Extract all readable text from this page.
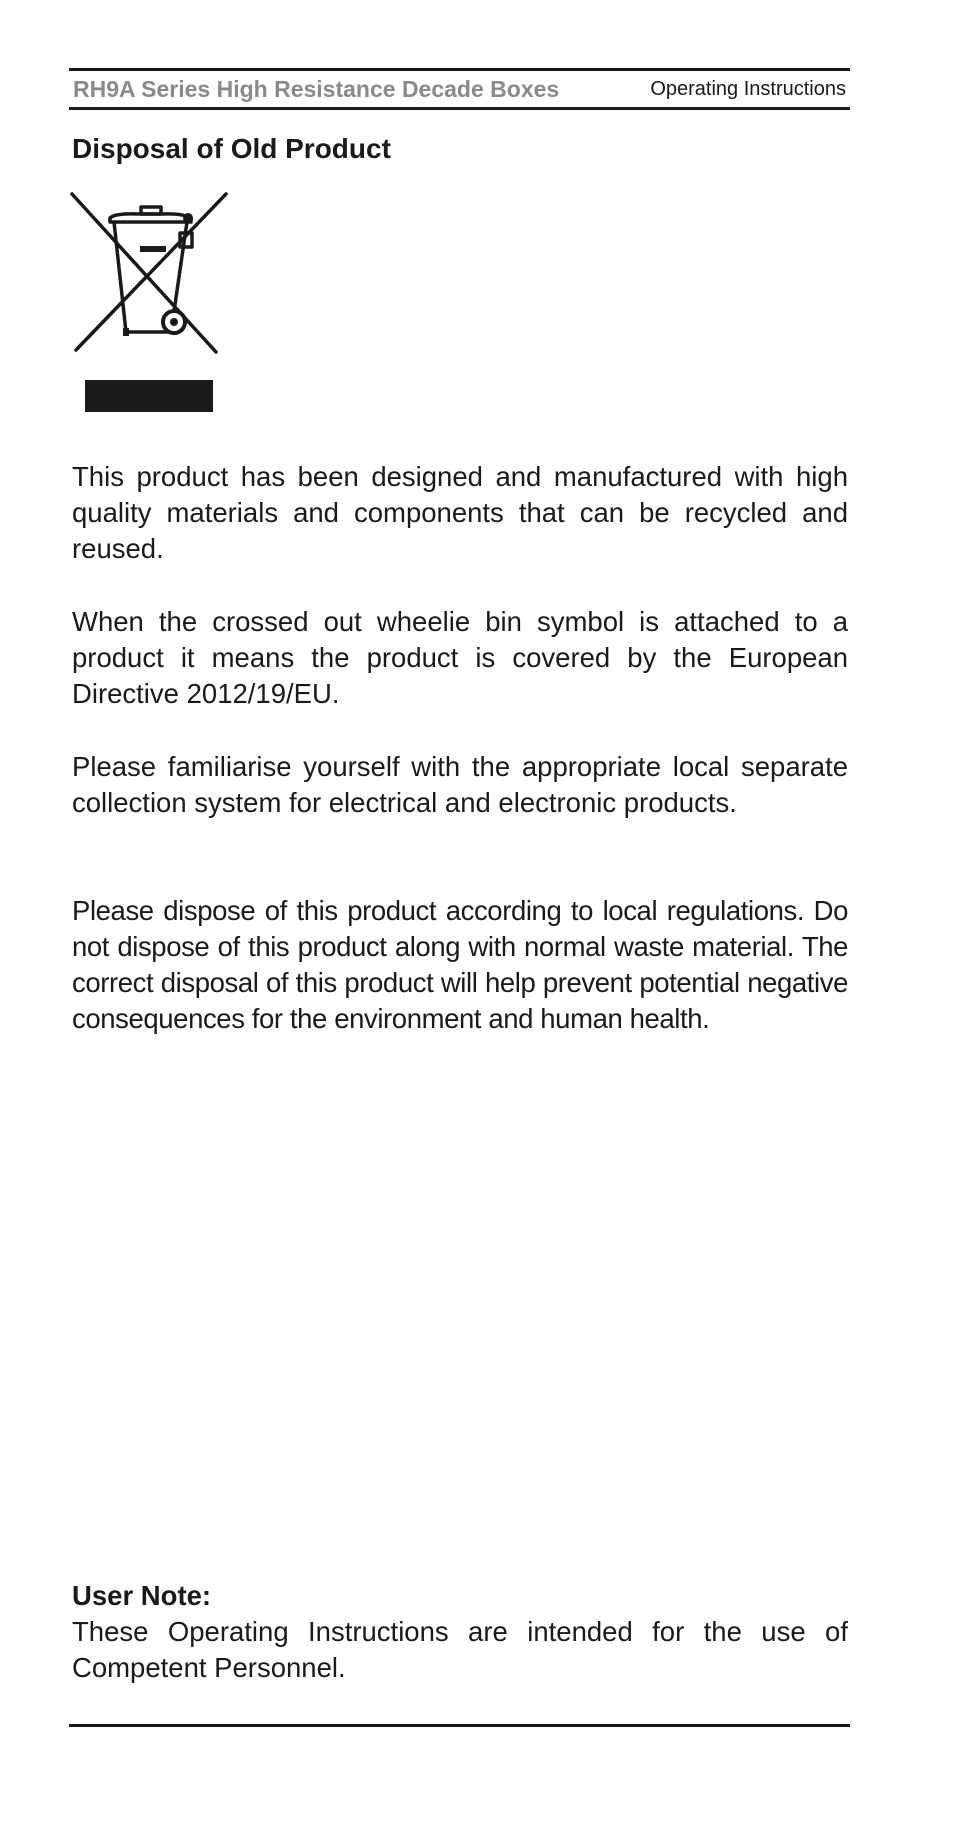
RH9A Series High Resistance Decade Boxes	Operating Instructions
Disposal of Old Product

This product has been designed and manufactured with high quality materials and components that can be recycled and reused.

When the crossed out wheelie bin symbol is attached to a product it means the product is covered by the European Directive 2012/19/EU.

Please familiarise yourself with the appropriate local separate collection system for electrical and electronic products.

Please dispose of this product according to local regulations. Do not dispose of this product along with normal waste material. The correct disposal of this product will help prevent potential negative consequences for the environment and human health.

User Note:

These Operating Instructions are intended for the use of Competent Personnel.
